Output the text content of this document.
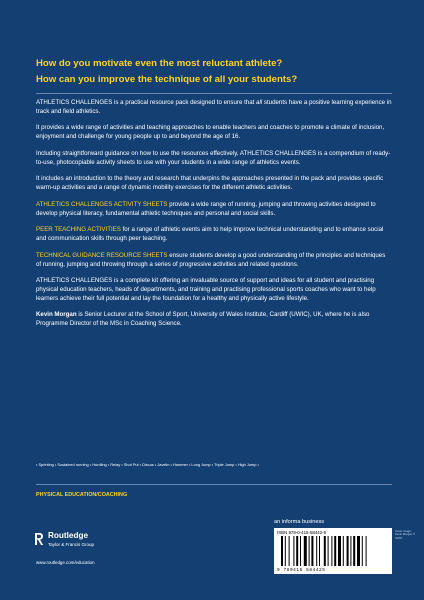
How do you motivate even the most reluctant athlete?
How can you improve the technique of all your students?

ATHLETICS CHALLENGES is a practical resource pack designed to ensure that all students have a positive learning experience in track and field athletics.

It provides a wide range of activities and teaching approaches to enable teachers and coaches to promote a climate of inclusion, enjoyment and challenge for young people up to and beyond the age of 16.

Including straightforward guidance on how to use the resources effectively, ATHLETICS CHALLENGES is a compendium of ready-to-use, photocopiable activity sheets to use with your students in a wide range of athletics events.

It includes an introduction to the theory and research that underpins the approaches presented in the pack and provides specific warm-up activities and a range of dynamic mobility exercises for the different athletic activities.

ATHLETICS CHALLENGES ACTIVITY SHEETS provide a wide range of running, jumping and throwing activities designed to develop physical literacy, fundamental athletic techniques and personal and social skills.

PEER TEACHING ACTIVITIES for a range of athletic events aim to help improve technical understanding and to enhance social and communication skills through peer teaching.

TECHNICAL GUIDANCE RESOURCE SHEETS ensure students develop a good understanding of the principles and techniques of running, jumping and throwing through a series of progressive activities and related questions.

ATHLETICS CHALLENGES is a complete kit offering an invaluable source of support and ideas for all student and practising physical education teachers, heads of departments, and training and practising professional sports coaches who want to help learners achieve their full potential and lay the foundation for a healthy and physically active lifestyle.

Kevin Morgan is Senior Lecturer at the School of Sport, University of Wales Institute, Cardiff (UWIC), UK, where he is also Programme Director of the MSc in Coaching Science.

• Sprinting • Sustained running • Hurdling • Relay • Shot Put • Discus • Javelin • Hammer • Long Jump • Triple Jump • High Jump •
PHYSICAL EDUCATION/COACHING
Routledge
Taylor & Francis Group
www.routledge.com/education
an informa business
ISBN 978-0-415-58442-5
9 780415 584425
Cover image: Kevin Morgan © UWIC
